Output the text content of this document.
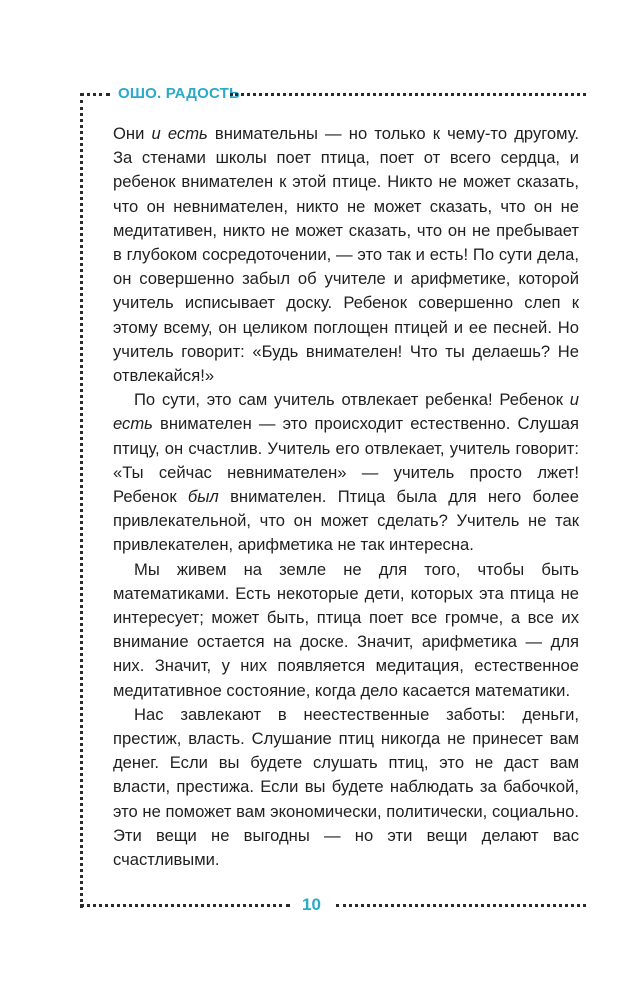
ОШО. РАДОСТЬ

Они и есть внимательны — но только к чему-то другому. За стенами школы поет птица, поет от всего сердца, и ребенок внимателен к этой птице. Никто не может сказать, что он невнимателен, никто не может сказать, что он не медитативен, никто не может сказать, что он не пребывает в глубоком сосредоточении, — это так и есть! По сути дела, он совершенно забыл об учителе и арифметике, которой учитель исписывает доску. Ребенок совершенно слеп к этому всему, он целиком поглощен птицей и ее песней. Но учитель говорит: «Будь внимателен! Что ты делаешь? Не отвлекайся!»

По сути, это сам учитель отвлекает ребенка! Ребенок и есть внимателен — это происходит естественно. Слушая птицу, он счастлив. Учитель его отвлекает, учитель говорит: «Ты сейчас невнимателен» — учитель просто лжет! Ребенок был внимателен. Птица была для него более привлекательной, что он может сделать? Учитель не так привлекателен, арифметика не так интересна.

Мы живем на земле не для того, чтобы быть математиками. Есть некоторые дети, которых эта птица не интересует; может быть, птица поет все громче, а все их внимание остается на доске. Значит, арифметика — для них. Значит, у них появляется медитация, естественное медитативное состояние, когда дело касается математики.

Нас завлекают в неестественные заботы: деньги, престиж, власть. Слушание птиц никогда не принесет вам денег. Если вы будете слушать птиц, это не даст вам власти, престижа. Если вы будете наблюдать за бабочкой, это не поможет вам экономически, политически, социально. Эти вещи не выгодны — но эти вещи делают вас счастливыми.

10
